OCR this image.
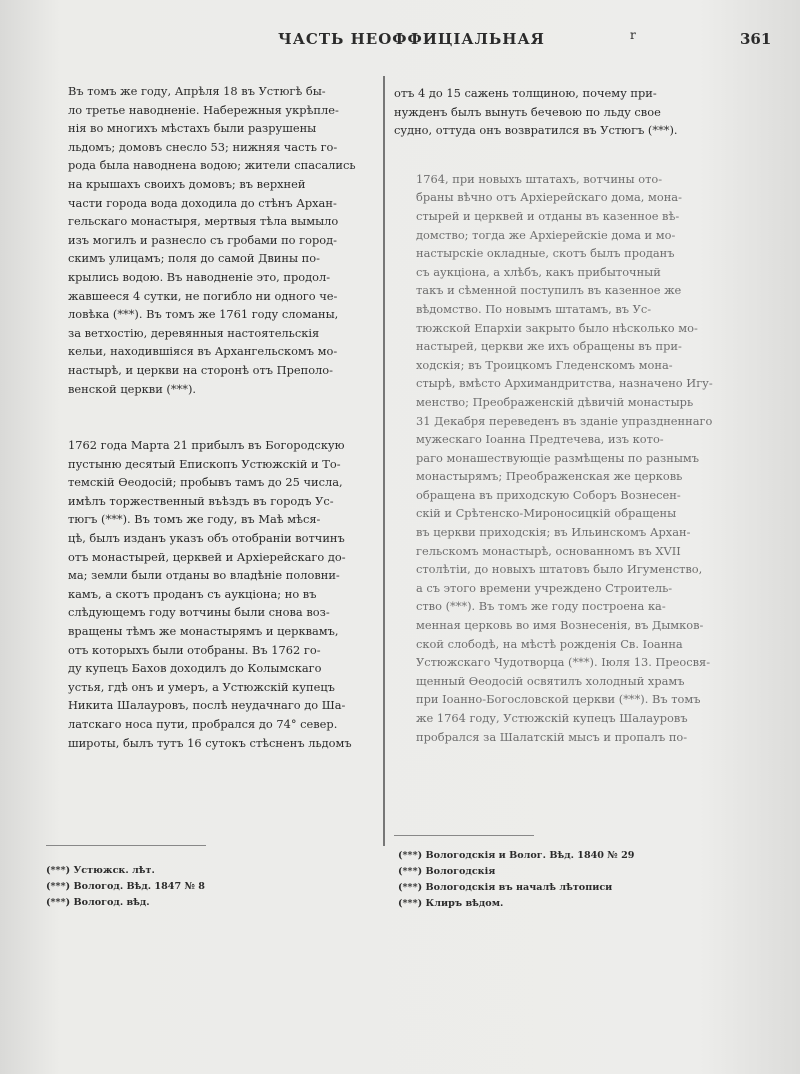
ЧАСТЬ НЕОФФИЦІАЛЬНАЯ	r	361

Въ томъ же году, Апрѣля 18 въ Устюгѣ бы-
ло третье наводненіе. Набережныя укрѣпле-
нія во многихъ мѣстахъ были разрушены
льдомъ; домовъ снесло 53; нижняя часть го-
рода была наводнена водою; жители спасались
на крышахъ своихъ домовъ; въ верхней
части города вода доходила до стѣнъ Архан-
гельскаго монастыря, мертвыя тѣла вымыло
изъ могилъ и разнесло съ гробами по город-
скимъ улицамъ; поля до самой Двины по-
крылись водою. Въ наводненіе это, продол-
жавшееся 4 сутки, не погибло ни одного че-
ловѣка (***). Въ томъ же 1761 году сломаны,
за ветхостію, деревянныя настоятельскія
кельи, находившіяся въ Архангельскомъ мо-
настырѣ, и церкви на сторонѣ отъ Преполо-
венской церкви (***).

1762 года Марта 21 прибылъ въ Богородскую
пустыню десятый Епископъ Устюжскій и То-
темскій Ѳеодосій; пробывъ тамъ до 25 числа,
имѣлъ торжественный въѣздъ въ городъ Ус-
тюгъ (***). Въ томъ же году, въ Маѣ мѣся-
цѣ, былъ изданъ указъ объ отобраніи вотчинъ
отъ монастырей, церквей и Архіерейскаго до-
ма; земли были отданы во владѣніе половни-
камъ, а скотъ проданъ съ аукціона; но въ
слѣдующемъ году вотчины были снова воз-
вращены тѣмъ же монастырямъ и церквамъ,
отъ которыхъ были отобраны. Въ 1762 го-
ду купецъ Бахов доходилъ до Колымскаго
устья, гдѣ онъ и умеръ, а Устюжскій купецъ
Никита Шалауровъ, послѣ неудачнаго до Ша-
латскаго носа пути, пробрался до 74° север.
широты, былъ тутъ 16 сутокъ стѣсненъ льдомъ

отъ 4 до 15 сажень толщиною, почему при-
нужденъ былъ вынуть бечевою по льду свое
судно, оттуда онъ возвратился въ Устюгъ (***).

1764, при новыхъ штатахъ, вотчины ото-
браны вѣчно отъ Архіерейскаго дома, мона-
стырей и церквей и отданы въ казенное вѣ-
домство; тогда же Архіерейскіе дома и мо-
настырскіе окладные, скотъ былъ проданъ
съ аукціона, а хлѣбъ, какъ прибыточный
такъ и сѣменной поступилъ въ казенное же
вѣдомство. По новымъ штатамъ, въ Ус-
тюжской Епархіи закрыто было нѣсколько мо-
настырей, церкви же ихъ обращены въ при-
ходскія; въ Троицкомъ Гледенскомъ мона-
стырѣ, вмѣсто Архимандритства, назначено Игу-
менство; Преображенскій дѣвичій монастырь
31 Декабря переведенъ въ зданіе упраздненнаго
мужескаго Іоанна Предтечева, изъ кото-
раго монашествующіе размѣщены по разнымъ
монастырямъ; Преображенская же церковь
обращена въ приходскую Соборъ Вознесен-
скій и Срѣтенско-Мироносицкій обращены
въ церкви приходскія; въ Ильинскомъ Архан-
гельскомъ монастырѣ, основанномъ въ XVII
столѣтіи, до новыхъ штатовъ было Игуменство,
а съ этого времени учреждено Строитель-
ство (***). Въ томъ же году построена ка-
менная церковь во имя Вознесенія, въ Дымков-
ской слободѣ, на мѣстѣ рожденія Св. Іоанна
Устюжскаго Чудотворца (***). Іюля 13. Преосвя-
щенный Ѳеодосій освятилъ холодный храмъ
при Іоанно-Богословской церкви (***). Въ томъ
же 1764 году, Устюжскій купецъ Шалауровъ
пробрался за Шалатскій мысъ и пропалъ по-

(***) Устюжск. лѣт.
(***) Вологод. Вѣд. 1847 № 8
(***) Вологод. вѣд.
(***) Вологодскія и Волог. Вѣд. 1840 № 29
(***) Вологодскія
(***) Вологодскія въ началѣ лѣтописи
(***) Клиръ вѣдом.
